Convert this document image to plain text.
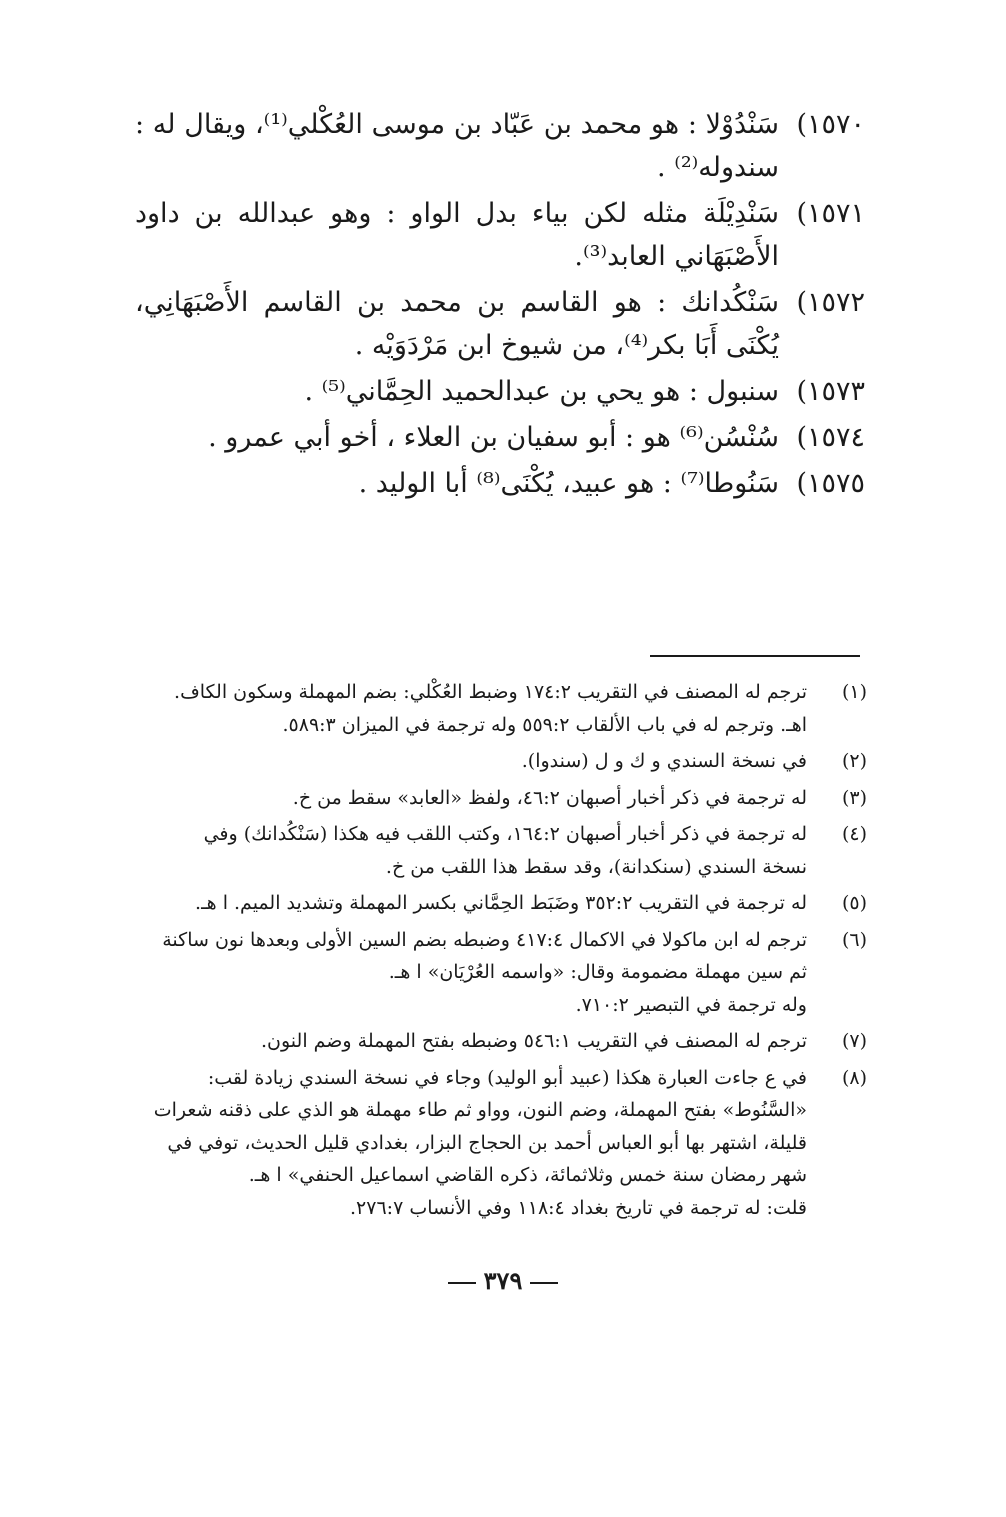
١٥٧٠)
سَنْدُوْلا : هو محمد بن عَبّاد بن موسى العُكْلي⁽¹⁾، ويقال له : سندوله⁽²⁾ .
١٥٧١)
سَنْدِيْلَة مثله لكن بياء بدل الواو : وهو عبدالله بن داود الأَصْبَهَاني العابد⁽³⁾.
١٥٧٢)
سَنْكُدانك : هو القاسم بن محمد بن القاسم الأَصْبَهَانِي، يُكْنَى أَبَا بكر⁽⁴⁾، من شيوخ ابن مَرْدَوَيْه .
١٥٧٣)
سنبول : هو يحي بن عبدالحميد الحِمَّاني⁽⁵⁾ .
١٥٧٤)
سُنْسُن⁽⁶⁾ هو : أبو سفيان بن العلاء ، أخو أبي عمرو .
١٥٧٥)
سَنُوطا⁽⁷⁾ : هو عبيد، يُكْنَى⁽⁸⁾ أبا الوليد .
(١)
ترجم له المصنف في التقريب ١٧٤:٢ وضبط العُكْلي: بضم المهملة وسكون الكاف.
اهـ. وترجم له في باب الألقاب ٥٥٩:٢ وله ترجمة في الميزان ٥٨٩:٣.
(٢)
في نسخة السندي و ك و ل (سندوا).
(٣)
له ترجمة في ذكر أخبار أصبهان ٤٦:٢، ولفظ «العابد» سقط من خ.
(٤)
له ترجمة في ذكر أخبار أصبهان ١٦٤:٢، وكتب اللقب فيه هكذا (سَنْكُدانك) وفي
نسخة السندي (سنكدانة)، وقد سقط هذا اللقب من خ.
(٥)
له ترجمة في التقريب ٣٥٢:٢ وضَبَط الحِمَّاني بكسر المهملة وتشديد الميم. ا هـ.
(٦)
ترجم له ابن ماكولا في الاكمال ٤١٧:٤ وضبطه بضم السين الأولى وبعدها نون ساكنة
ثم سين مهملة مضمومة وقال: «واسمه العُرْيَان» ا هـ.
وله ترجمة في التبصير ٧١٠:٢.
(٧)
ترجم له المصنف في التقريب ٥٤٦:١ وضبطه بفتح المهملة وضم النون.
(٨)
في ع جاءت العبارة هكذا (عبيد أبو الوليد) وجاء في نسخة السندي زيادة لقب:
«السَّنُوط» بفتح المهملة، وضم النون، وواو ثم طاء مهملة هو الذي على ذقنه شعرات
قليلة، اشتهر بها أبو العباس أحمد بن الحجاج البزار، بغدادي قليل الحديث، توفي في
شهر رمضان سنة خمس وثلاثمائة، ذكره القاضي اسماعيل الحنفي» ا هـ.
قلت: له ترجمة في تاريخ بغداد ١١٨:٤ وفي الأنساب ٢٧٦:٧.
٣٧٩
